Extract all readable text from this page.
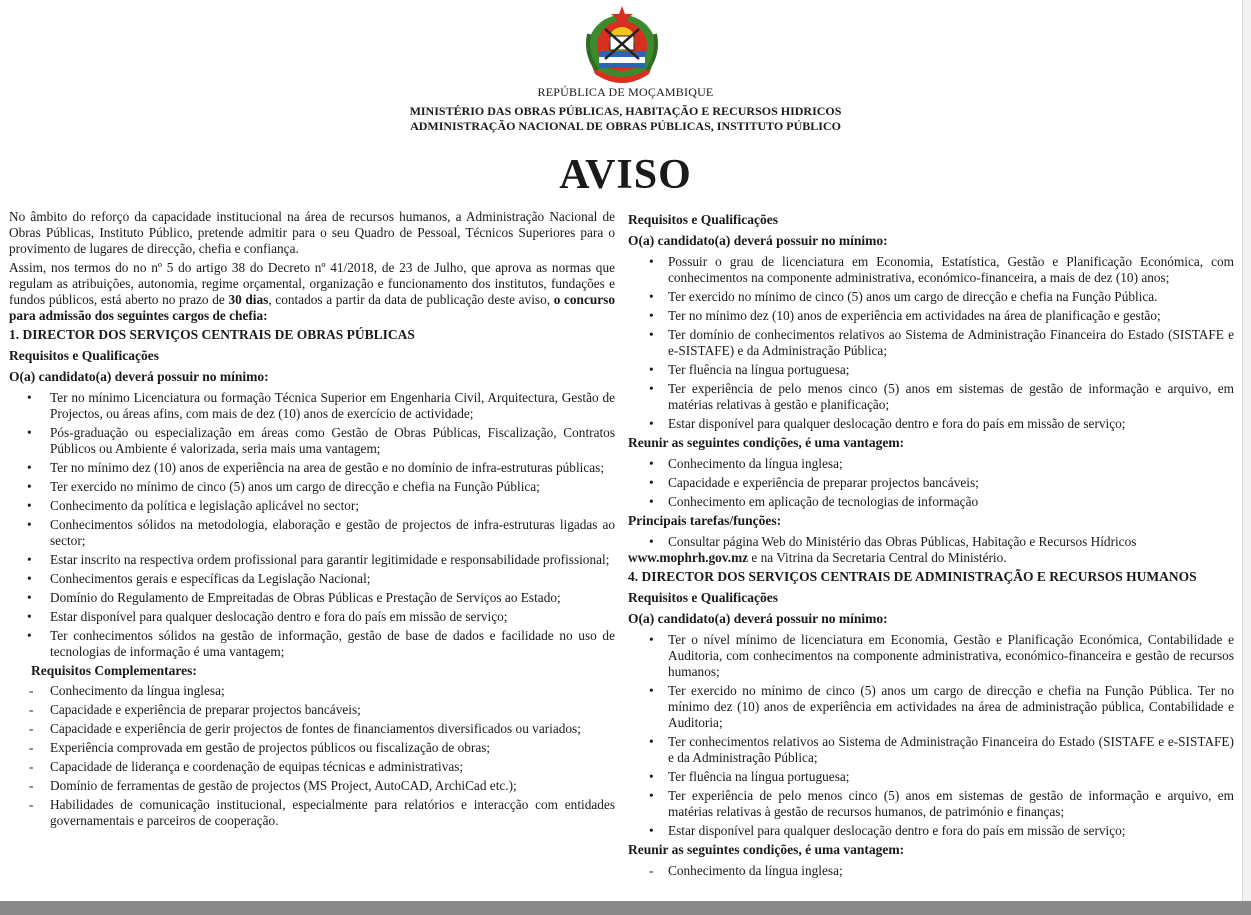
REPÚBLICA DE MOÇAMBIQUE
MINISTÉRIO DAS OBRAS PÚBLICAS, HABITAÇÃO E RECURSOS HIDRICOS
ADMINISTRAÇÃO NACIONAL DE OBRAS PÚBLICAS, INSTITUTO PÚBLICO
AVISO

No âmbito do reforço da capacidade institucional na área de recursos humanos, a Administração Nacional de Obras Públicas, Instituto Público, pretende admitir para o seu Quadro de Pessoal, Técnicos Superiores para o provimento de lugares de direcção, chefia e confiança.

Assim, nos termos do no nº 5 do artigo 38 do Decreto nº 41/2018, de 23 de Julho, que aprova as normas que regulam as atribuições, autonomia, regime orçamental, organização e funcionamento dos institutos, fundações e fundos públicos, está aberto no prazo de 30 dias, contados a partir da data de publicação deste aviso, o concurso para admissão dos seguintes cargos de chefia:

1. DIRECTOR DOS SERVIÇOS CENTRAIS DE OBRAS PÚBLICAS
Requisitos e Qualificações
O(a) candidato(a) deverá possuir no mínimo:
• Ter no mínimo Licenciatura ou formação Técnica Superior em Engenharia Civil, Arquitectura, Gestão de Projectos, ou áreas afins, com mais de dez (10) anos de exercício de actividade;
• Pós-graduação ou especialização em áreas como Gestão de Obras Públicas, Fiscalização, Contratos Públicos ou Ambiente é valorizada, seria mais uma vantagem;
• Ter no mínimo dez (10) anos de experiência na area de gestão e no domínio de infra-estruturas públicas;
• Ter exercido no mínimo de cinco (5) anos um cargo de direcção e chefia na Função Pública;
• Conhecimento da política e legislação aplicável no sector;
• Conhecimentos sólidos na metodologia, elaboração e gestão de projectos de infra-estruturas ligadas ao sector;
• Estar inscrito na respectiva ordem profissional para garantir legitimidade e responsabilidade profissional;
• Conhecimentos gerais e específicas da Legislação Nacional;
• Domínio do Regulamento de Empreitadas de Obras Públicas e Prestação de Serviços ao Estado;
• Estar disponível para qualquer deslocação dentro e fora do país em missão de serviço;
• Ter conhecimentos sólidos na gestão de informação, gestão de base de dados e facilidade no uso de tecnologias de informação é uma vantagem;
Requisitos Complementares:
- Conhecimento da língua inglesa;
- Capacidade e experiência de preparar projectos bancáveis;
- Capacidade e experiência de gerir projectos de fontes de financiamentos diversificados ou variados;
- Experiência comprovada em gestão de projectos públicos ou fiscalização de obras;
- Capacidade de liderança e coordenação de equipas técnicas e administrativas;
- Domínio de ferramentas de gestão de projectos (MS Project, AutoCAD, ArchiCad etc.);
- Habilidades de comunicação institucional, especialmente para relatórios e interacção com entidades governamentais e parceiros de cooperação.
Requisitos e Qualificações
O(a) candidato(a) deverá possuir no mínimo:
• Possuir o grau de licenciatura em Economia, Estatística, Gestão e Planificação Económica, com conhecimentos na componente administrativa, económico-financeira, a mais de dez (10) anos;
• Ter exercido no mínimo de cinco (5) anos um cargo de direcção e chefia na Função Pública.
• Ter no mínimo dez (10) anos de experiência em actividades na área de planificação e gestão;
• Ter domínio de conhecimentos relativos ao Sistema de Administração Financeira do Estado (SISTAFE e e-SISTAFE) e da Administração Pública;
• Ter fluência na língua portuguesa;
• Ter experiência de pelo menos cinco (5) anos em sistemas de gestão de informação e arquivo, em matérias relativas à gestão e planificação;
• Estar disponível para qualquer deslocação dentro e fora do país em missão de serviço;
Reunir as seguintes condições, é uma vantagem:
• Conhecimento da língua inglesa;
• Capacidade e experiência de preparar projectos bancáveis;
• Conhecimento em aplicação de tecnologias de informação
Principais tarefas/funções:
• Consultar página Web do Ministério das Obras Públicas, Habitação e Recursos Hídricos

www.mophrh.gov.mz e na Vitrina da Secretaria Central do Ministério.

4. DIRECTOR DOS SERVIÇOS CENTRAIS DE ADMINISTRAÇÃO E RECURSOS HUMANOS
Requisitos e Qualificações
O(a) candidato(a) deverá possuir no mínimo:
• Ter o nível mínimo de licenciatura em Economia, Gestão e Planificação Económica, Contabilidade e Auditoria, com conhecimentos na componente administrativa, económico-financeira e gestão de recursos humanos;
• Ter exercido no mínimo de cinco (5) anos um cargo de direcção e chefia na Função Pública. Ter no mínimo dez (10) anos de experiência em actividades na área de administração pública, Contabilidade e Auditoria;
• Ter conhecimentos relativos ao Sistema de Administração Financeira do Estado (SISTAFE e e-SISTAFE) e da Administração Pública;
• Ter fluência na língua portuguesa;
• Ter experiência de pelo menos cinco (5) anos em sistemas de gestão de informação e arquivo, em matérias relativas à gestão de recursos humanos, de património e finanças;
• Estar disponível para qualquer deslocação dentro e fora do país em missão de serviço;
Reunir as seguintes condições, é uma vantagem:
- Conhecimento da língua inglesa;
